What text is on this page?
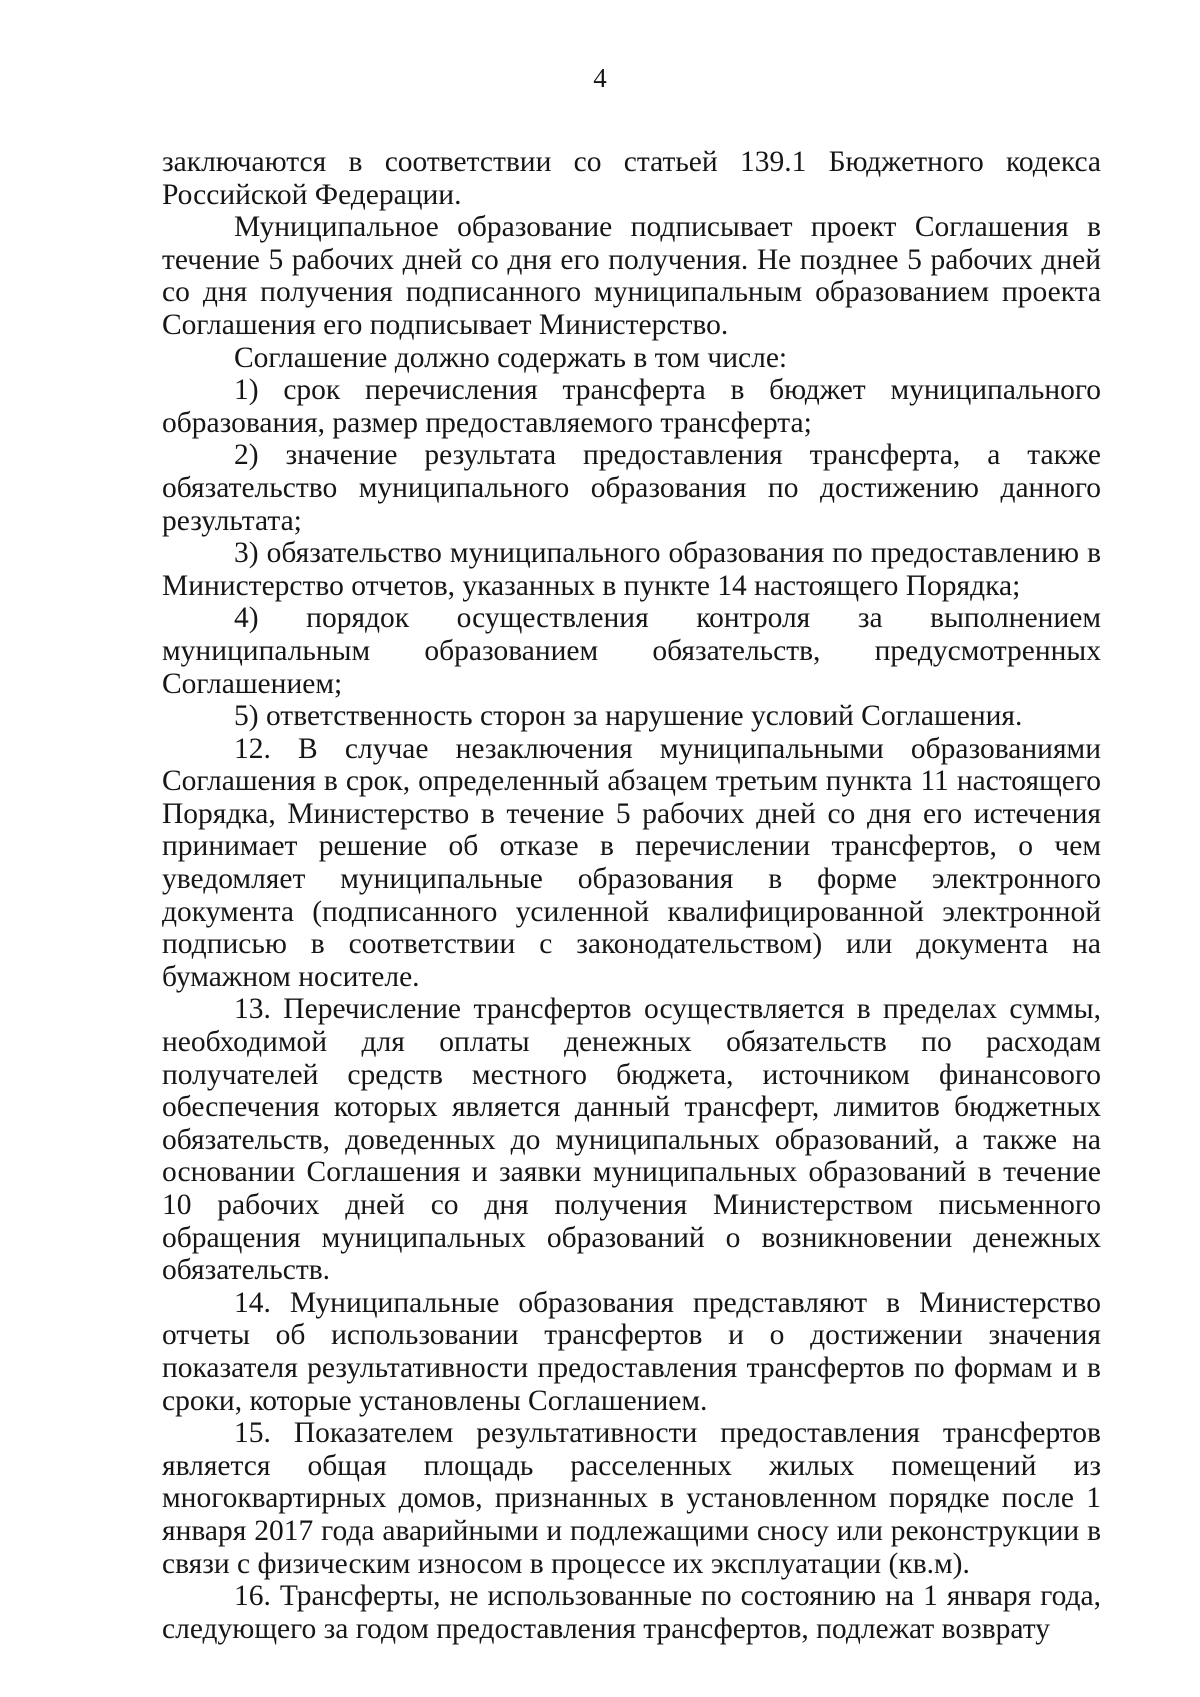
4

заключаются в соответствии со статьей 139.1 Бюджетного кодекса Российской Федерации.

Муниципальное образование подписывает проект Соглашения в течение 5 рабочих дней со дня его получения. Не позднее 5 рабочих дней со дня получения подписанного муниципальным образованием проекта Соглашения его подписывает Министерство.

Соглашение должно содержать в том числе:

1) срок перечисления трансферта в бюджет муниципального образования, размер предоставляемого трансферта;

2) значение результата предоставления трансферта, а также обязательство муниципального образования по достижению данного результата;

3) обязательство муниципального образования по предоставлению в Министерство отчетов, указанных в пункте 14 настоящего Порядка;

4) порядок осуществления контроля за выполнением муниципальным образованием обязательств, предусмотренных Соглашением;

5) ответственность сторон за нарушение условий Соглашения.

12. В случае незаключения муниципальными образованиями Соглашения в срок, определенный абзацем третьим пункта 11 настоящего Порядка, Министерство в течение 5 рабочих дней со дня его истечения принимает решение об отказе в перечислении трансфертов, о чем уведомляет муниципальные образования в форме электронного документа (подписанного усиленной квалифицированной электронной подписью в соответствии с законодательством) или документа на бумажном носителе.

13. Перечисление трансфертов осуществляется в пределах суммы, необходимой для оплаты денежных обязательств по расходам получателей средств местного бюджета, источником финансового обеспечения которых является данный трансферт, лимитов бюджетных обязательств, доведенных до муниципальных образований, а также на основании Соглашения и заявки муниципальных образований в течение 10 рабочих дней со дня получения Министерством письменного обращения муниципальных образований о возникновении денежных обязательств.

14. Муниципальные образования представляют в Министерство отчеты об использовании трансфертов и о достижении значения показателя результативности предоставления трансфертов по формам и в сроки, которые установлены Соглашением.

15. Показателем результативности предоставления трансфертов является общая площадь расселенных жилых помещений из многоквартирных домов, признанных в установленном порядке после 1 января 2017 года аварийными и подлежащими сносу или реконструкции в связи с физическим износом в процессе их эксплуатации (кв.м).

16. Трансферты, не использованные по состоянию на 1 января года, следующего за годом предоставления трансфертов, подлежат возврату
